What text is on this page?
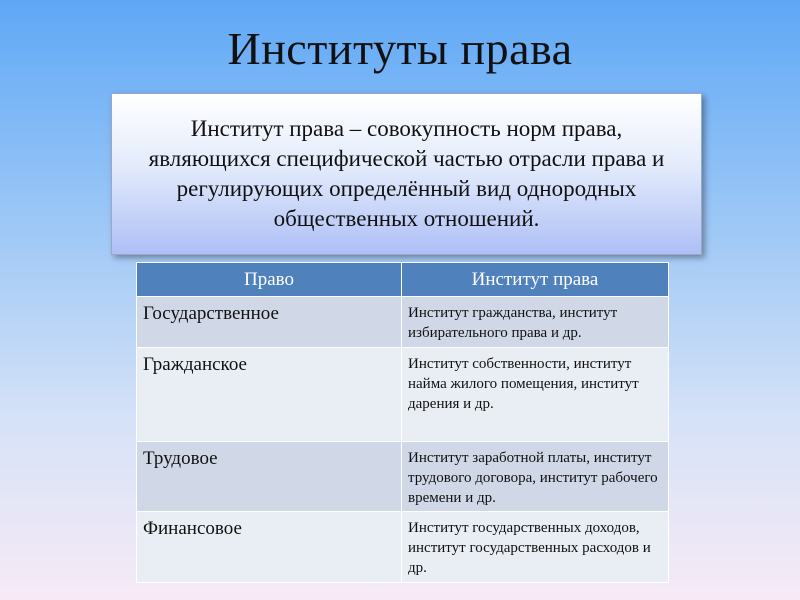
Институты права
Институт права – совокупность норм права, являющихся специфической частью отрасли права и регулирующих определённый вид однородных общественных отношений.
Право	Институт права
Государственное	Институт гражданства, институт избирательного права и др.
Гражданское	Институт собственности, институт найма жилого помещения, институт дарения и др.
Трудовое	Институт заработной платы, институт трудового договора, институт рабочего времени и др.
Финансовое	Институт государственных доходов, институт государственных расходов и др.
